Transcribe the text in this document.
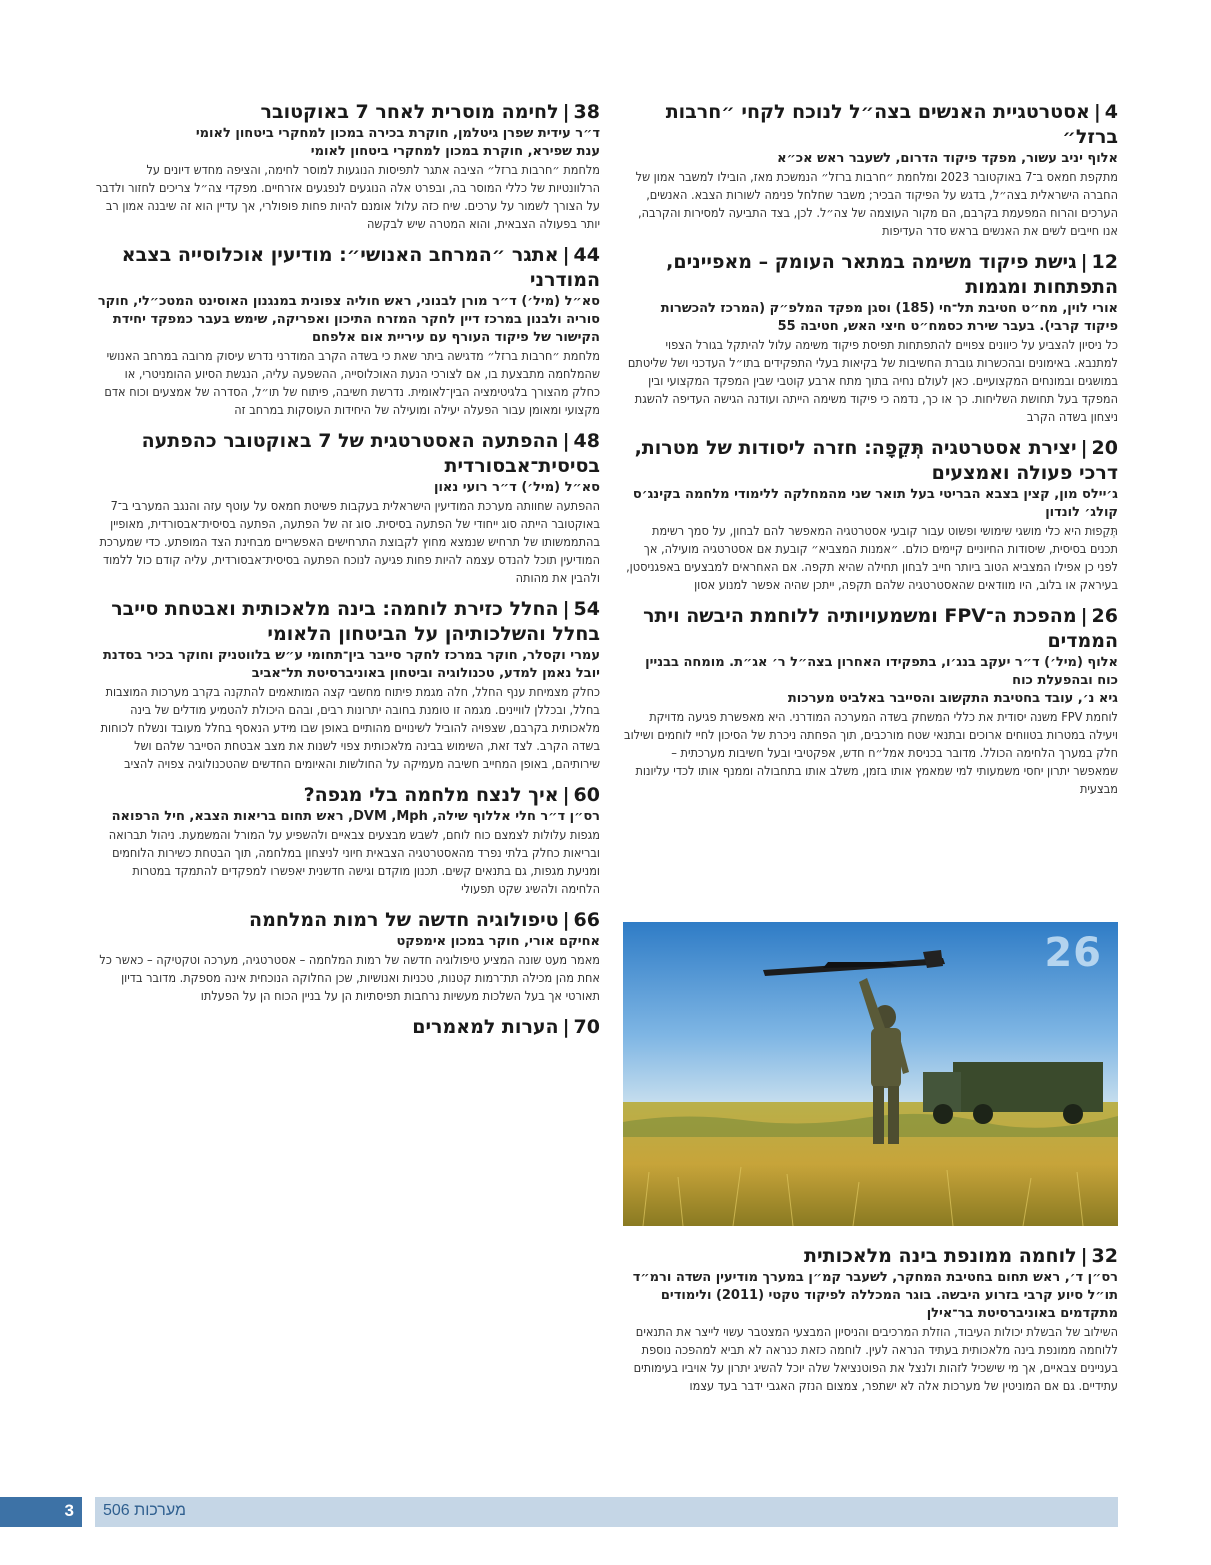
4|אסטרטגיית האנשים בצה״ל לנוכח לקחי ״חרבות ברזל״

אלוף יניב עשור, מפקד פיקוד הדרום, לשעבר ראש אכ״א

מתקפת חמאס ב־7 באוקטובר 2023 ומלחמת ״חרבות ברזל״ הנמשכת מאז, הובילו למשבר אמון של החברה הישראלית בצה״ל, בדגש על הפיקוד הבכיר; משבר שחלחל פנימה לשורות הצבא. האנשים, הערכים והרוח המפעמת בקרבם, הם מקור העוצמה של צה״ל. לכן, בצד התביעה למסירות והקרבה, אנו חייבים לשים את האנשים בראש סדר העדיפות

12|גישת פיקוד משימה במתאר העומק – מאפיינים, התפתחות ומגמות

אורי לוין, מח״ט חטיבת תל־חי (185) וסגן מפקד המלפ״ק (המרכז להכשרות פיקוד קרבי). בעבר שירת כסמח״ט חיצי האש, חטיבה 55

כל ניסיון להצביע על כיוונים צפויים להתפתחות תפיסת פיקוד משימה עלול להיתקל בגורל הצפוי למתנבא. באימונים ובהכשרות גוברת החשיבות של בקיאות בעלי התפקידים בתו״ל העדכני ושל שליטתם במושגים ובמונחים המקצועיים. כאן לעולם נחיה בתוך מתח ארבע קוטבי שבין המפקד המקצועי ובין המפקד בעל תחושת השליחות. כך או כך, נדמה כי פיקוד משימה הייתה ועודנה הגישה העדיפה להשגת ניצחון בשדה הקרב

20|יצירת אסטרטגיה תְּקֵפָה: חזרה ליסודות של מטרות, דרכי פעולה ואמצעים

ג׳יילס מון, קצין בצבא הבריטי בעל תואר שני מהמחלקה ללימודי מלחמה בקינג׳ס קולג׳ לונדון

תְּקֵפוּת היא כלי מושגי שימושי ופשוט עבור קובעי אסטרטגיה המאפשר להם לבחון, על סמך רשימת תכנים בסיסית, שיסודות החיוניים קיימים כולם. ״אמנות המצביא״ קובעת אם אסטרטגיה מועילה, אך לפני כן אפילו המצביא הטוב ביותר חייב לבחון תחילה שהיא תקפה. אם האחראים למבצעים באפגניסטן, בעיראק או בלוב, היו מוודאים שהאסטרטגיה שלהם תקפה, ייתכן שהיה אפשר למנוע אסון

26|מהפכת ה־FPV ומשמעויותיה ללוחמת היבשה ויתר הממדים

אלוף (מיל׳) ד״ר יעקב בנג׳ו, בתפקידו האחרון בצה״ל ר׳ אג״ת. מומחה בבניין כוח ובהפעלת כוח

גיא נ׳, עובד בחטיבת התקשוב והסייבר באלביט מערכות

לוחמת FPV משנה יסודית את כללי המשחק בשדה המערכה המודרני. היא מאפשרת פגיעה מדויקת ויעילה במטרות בטווחים ארוכים ובתנאי שטח מורכבים, תוך הפחתה ניכרת של הסיכון לחיי לוחמים ושילוב חלק במערך הלחימה הכולל. מדובר בכניסת אמל״ח חדש, אפקטיבי ובעל חשיבות מערכתית – שמאפשר יתרון יחסי משמעותי למי שמאמץ אותו בזמן, משלב אותו בתחבולה וממנף אותו לכדי עליונות מבצעית

26
32|לוחמה ממונפת בינה מלאכותית

רס״ן ד׳, ראש תחום בחטיבת המחקר, לשעבר קמ״ן במערך מודיעין השדה ורמ״ד תו״ל סיוע קרבי בזרוע היבשה. בוגר המכללה לפיקוד טקטי (2011) ולימודים מתקדמים באוניברסיטת בר־אילן

השילוב של הבשלת יכולות העיבוד, הוזלת המרכיבים והניסיון המבצעי המצטבר עשוי לייצר את התנאים ללוחמה ממונפת בינה מלאכותית בעתיד הנראה לעין. לוחמה כזאת כנראה לא תביא למהפכה נוספת בעניינים צבאיים, אך מי שישכיל לזהות ולנצל את הפוטנציאל שלה יוכל להשיג יתרון על אויביו בעימותים עתידיים. גם אם המוניטין של מערכות אלה לא ישתפר, צמצום הנזק האגבי ידבר בעד עצמו

38|לחימה מוסרית לאחר 7 באוקטובר

ד״ר עידית שפרן גיטלמן, חוקרת בכירה במכון למחקרי ביטחון לאומי

ענת שפירא, חוקרת במכון למחקרי ביטחון לאומי

מלחמת ״חרבות ברזל״ הציבה אתגר לתפיסות הנוגעות למוסר לחימה, והציפה מחדש דיונים על הרלוונטיות של כללי המוסר בה, ובפרט אלה הנוגעים לנפגעים אזרחיים. מפקדי צה״ל צריכים לחזור ולדבר על הצורך לשמור על ערכים. שיח כזה עלול אומנם להיות פחות פופולרי, אך עדיין הוא זה שיבנה אמון רב יותר בפעולה הצבאית, והוא המטרה שיש לבקשה

44|אתגר ״המרחב האנושי״: מודיעין אוכלוסייה בצבא המודרני

סא״ל (מיל׳) ד״ר מורן לבנוני, ראש חוליה צפונית במנגנון האוסינט המטכ״לי, חוקר סוריה ולבנון במרכז דיין לחקר המזרח התיכון ואפריקה, שימש בעבר כמפקד יחידת הקישור של פיקוד העורף עם עיריית אום אלפחם

מלחמת ״חרבות ברזל״ מדגישה ביתר שאת כי בשדה הקרב המודרני נדרש עיסוק מרובה במרחב האנושי שהמלחמה מתבצעת בו, אם לצורכי הנעת האוכלוסייה, ההשפעה עליה, הנגשת הסיוע ההומניטרי, או כחלק מהצורך בלגיטימציה הבין־לאומית. נדרשת חשיבה, פיתוח של תו״ל, הסדרה של אמצעים וכוח אדם מקצועי ומאומן עבור הפעלה יעילה ומועילה של היחידות העוסקות במרחב זה

48|ההפתעה האסטרטגית של 7 באוקטובר כהפתעה בסיסית־אבסורדית

סא״ל (מיל׳) ד״ר רועי נאון

ההפתעה שחוותה מערכת המודיעין הישראלית בעקבות פשיטת חמאס על עוטף עזה והנגב המערבי ב־7 באוקטובר הייתה סוג ייחודי של הפתעה בסיסית. סוג זה של הפתעה, הפתעה בסיסית־אבסורדית, מאופיין בהתממשותו של תרחיש שנמצא מחוץ לקבוצת התרחישים האפשריים מבחינת הצד המופתע. כדי שמערכת המודיעין תוכל להנדס עצמה להיות פחות פגיעה לנוכח הפתעה בסיסית־אבסורדית, עליה קודם כול ללמוד ולהבין את מהותה

54|החלל כזירת לוחמה: בינה מלאכותית ואבטחת סייבר בחלל והשלכותיהן על הביטחון הלאומי

עמרי וקסלר, חוקר במרכז לחקר סייבר בין־תחומי ע״ש בלווטניק וחוקר בכיר בסדנת יובל נאמן למדע, טכנולוגיה וביטחון באוניברסיטת תל־אביב

כחלק מצמיחת ענף החלל, חלה מגמת פיתוח מחשבי קצה המותאמים להתקנה בקרב מערכות המוצבות בחלל, ובכללן לוויינים. מגמה זו טומנת בחובה יתרונות רבים, ובהם היכולת להטמיע מודלים של בינה מלאכותית בקרבם, שצפויה להוביל לשינויים מהותיים באופן שבו מידע הנאסף בחלל מעובד ונשלח לכוחות בשדה הקרב. לצד זאת, השימוש בבינה מלאכותית צפוי לשנות את מצב אבטחת הסייבר שלהם ושל שירותיהם, באופן המחייב חשיבה מעמיקה על החולשות והאיומים החדשים שהטכנולוגיה צפויה להציב

60|איך לנצח מלחמה בלי מגפה?

רס״ן ד״ר חלי אללוף שילה, DVM ,Mph, ראש תחום בריאות הצבא, חיל הרפואה

מגפות עלולות לצמצם כוח לוחם, לשבש מבצעים צבאיים ולהשפיע על המורל והמשמעת. ניהול תברואה ובריאות כחלק בלתי נפרד מהאסטרטגיה הצבאית חיוני לניצחון במלחמה, תוך הבטחת כשירות הלוחמים ומניעת מגפות, גם בתנאים קשים. תכנון מוקדם וגישה חדשנית יאפשרו למפקדים להתמקד במטרות הלחימה ולהשיג שקט תפעולי

66|טיפולוגיה חדשה של רמות המלחמה

אחיקם אורי, חוקר במכון אימפקט

מאמר מעט שונה המציע טיפולוגיה חדשה של רמות המלחמה – אסטרטגיה, מערכה וטקטיקה – כאשר כל אחת מהן מכילה תת־רמות קטנות, טכניות ואנושיות, שכן החלוקה הנוכחית אינה מספקת. מדובר בדיון תאורטי אך בעל השלכות מעשיות נרחבות תפיסתיות הן על בניין הכוח הן על הפעלתו

70|הערות למאמרים
3 מערכות 506
